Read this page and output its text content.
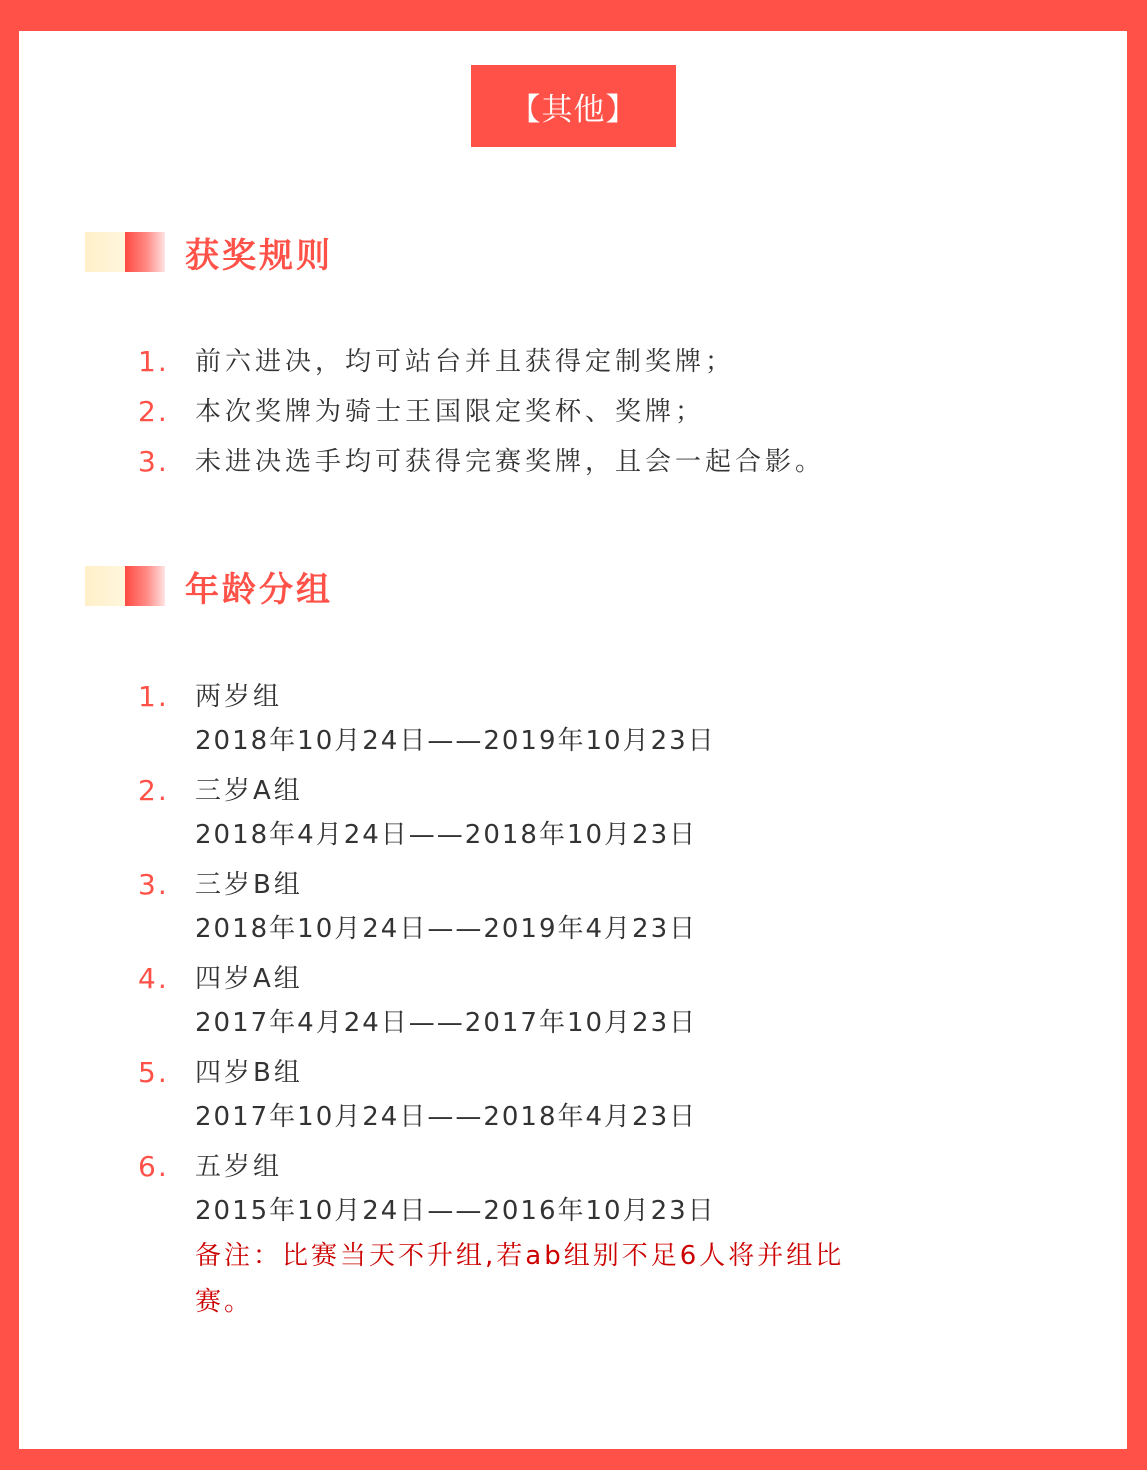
【其他】
获奖规则
1.	前六进决，均可站台并且获得定制奖牌；
2.	本次奖牌为骑士王国限定奖杯、奖牌；
3.	未进决选手均可获得完赛奖牌，且会一起合影。
年龄分组
1.	两岁组
2018年10月24日——2019年10月23日
2.	三岁A组
2018年4月24日——2018年10月23日
3.	三岁B组
2018年10月24日——2019年4月23日
4.	四岁A组
2017年4月24日——2017年10月23日
5.	四岁B组
2017年10月24日——2018年4月23日
6.	五岁组
2015年10月24日——2016年10月23日
备注：比赛当天不升组,若ab组别不足6人将并组比赛。
